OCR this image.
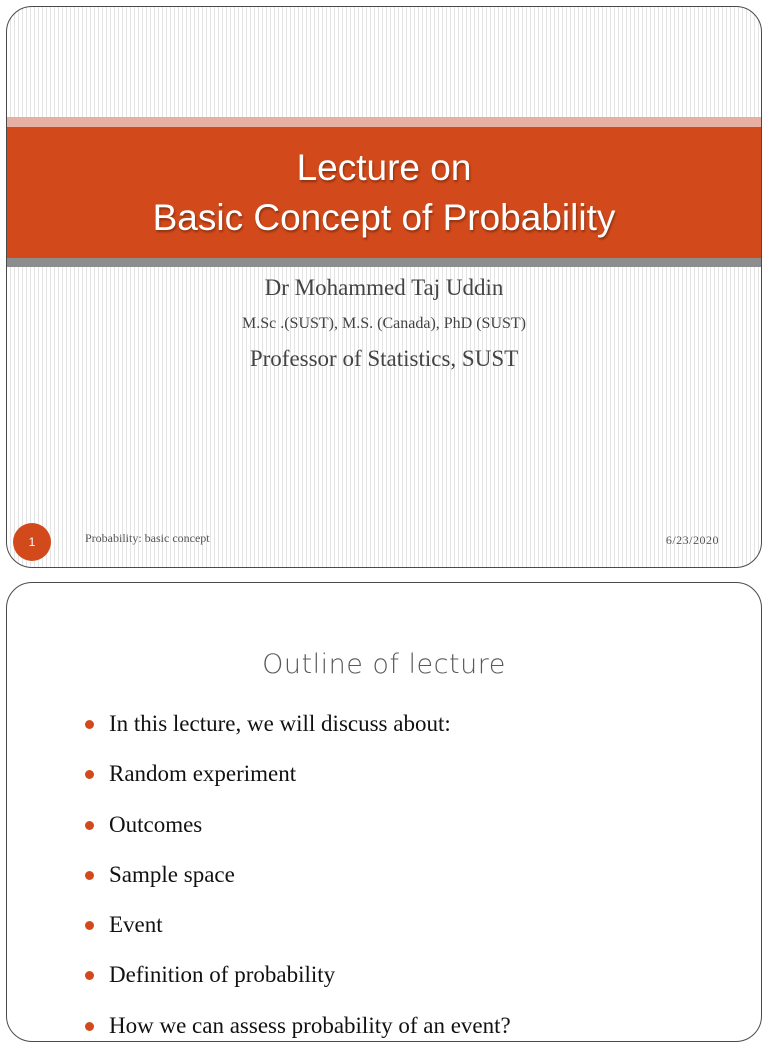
Lecture on
Basic Concept of Probability
Dr Mohammed Taj Uddin
M.Sc .(SUST), M.S. (Canada), PhD (SUST)
Professor of Statistics, SUST
1	Probability: basic concept	6/23/2020
Outline of lecture
In this lecture, we will discuss about:
Random experiment
Outcomes
Sample space
Event
Definition of probability
How we can assess probability of an event?
